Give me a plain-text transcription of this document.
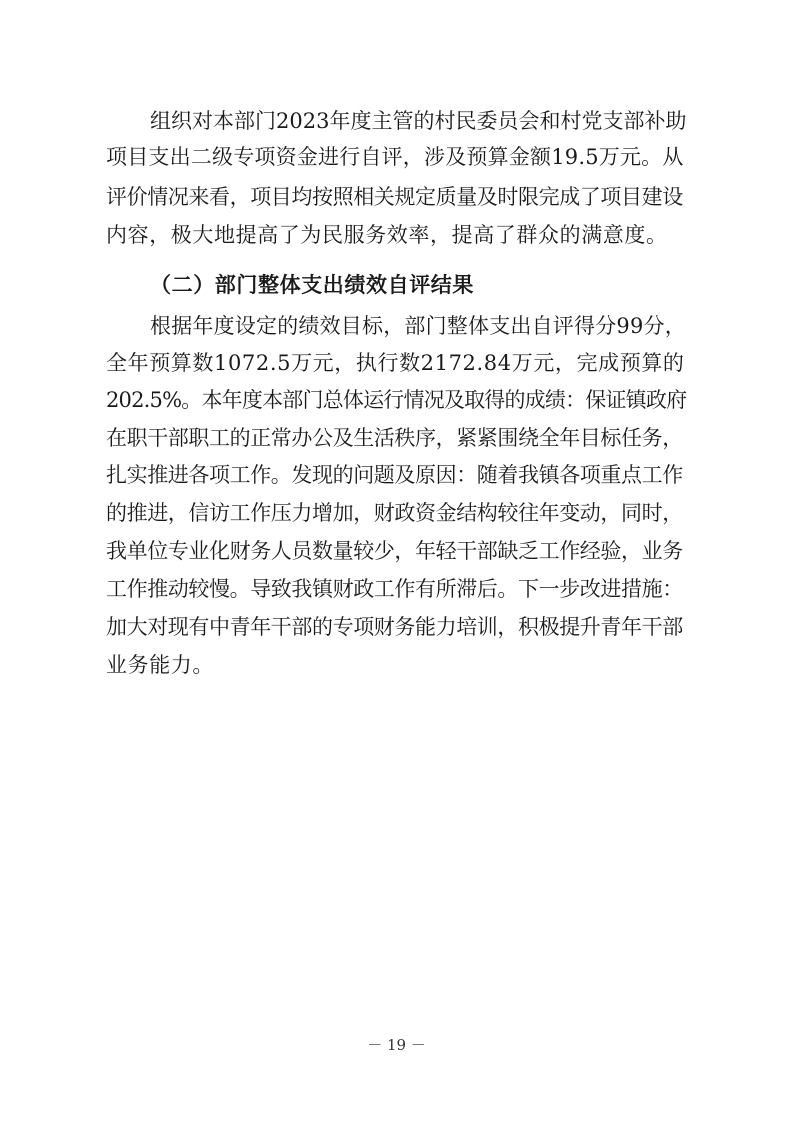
组织对本部门2023年度主管的村民委员会和村党支部补助
项目支出二级专项资金进行自评，涉及预算金额19.5万元。从
评价情况来看，项目均按照相关规定质量及时限完成了项目建设
内容，极大地提高了为民服务效率，提高了群众的满意度。
（二）部门整体支出绩效自评结果
根据年度设定的绩效目标，部门整体支出自评得分99分，
全年预算数1072.5万元，执行数2172.84万元，完成预算的
202.5%。本年度本部门总体运行情况及取得的成绩：保证镇政府
在职干部职工的正常办公及生活秩序，紧紧围绕全年目标任务，
扎实推进各项工作。发现的问题及原因：随着我镇各项重点工作
的推进，信访工作压力增加，财政资金结构较往年变动，同时，
我单位专业化财务人员数量较少，年轻干部缺乏工作经验，业务
工作推动较慢。导致我镇财政工作有所滞后。下一步改进措施：
加大对现有中青年干部的专项财务能力培训，积极提升青年干部
业务能力。
－ 19 －
